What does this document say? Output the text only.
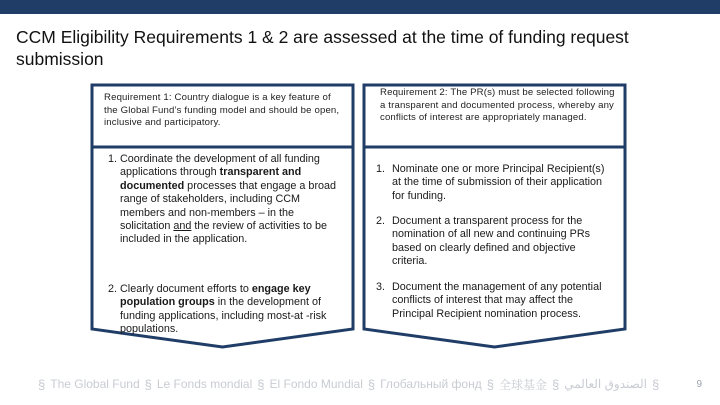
CCM Eligibility Requirements 1 & 2 are assessed at the time of funding request submission
Requirement 1: Country dialogue is a key feature of the Global Fund’s funding model and should be open, inclusive and participatory.
1. Coordinate the development of all funding applications through transparent and documented processes that engage a broad range of stakeholders, including CCM members and non-members – in the solicitation and the review of activities to be included in the application.
2. Clearly document efforts to engage key population groups in the development of funding applications, including most-at -risk populations.
Requirement 2: The PR(s) must be selected following a transparent and documented process, whereby any conflicts of interest are appropriately managed.
1. Nominate one or more Principal Recipient(s) at the time of submission of their application for funding.
2. Document a transparent process for the nomination of all new and continuing PRs based on clearly defined and objective criteria.
3. Document the management of any potential conflicts of interest that may affect the Principal Recipient nomination process.
§ The Global Fund § Le Fonds mondial § El Fondo Mundial § Глобальный фонд § 全球基金 § الصندوق العالمي §	9
